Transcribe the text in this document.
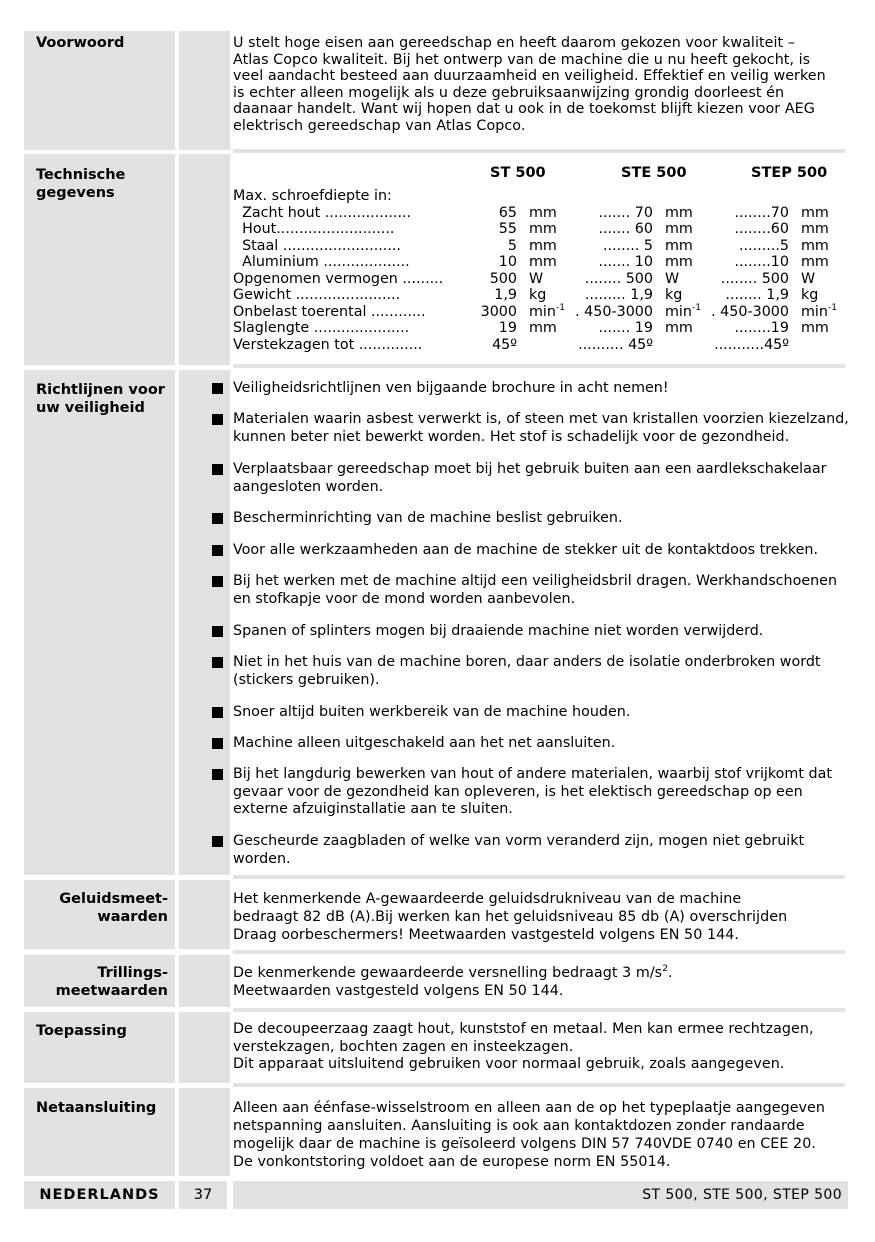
Voorwoord	U stelt hoge eisen aan gereedschap en heeft daarom gekozen voor kwaliteit –
Atlas Copco kwaliteit. Bij het ontwerp van de machine die u nu heeft gekocht, is
veel aandacht besteed aan duurzaamheid en veiligheid. Effektief en veilig werken
is echter alleen mogelijk als u deze gebruiksaanwijzing grondig doorleest én
daanaar handelt. Want wij hopen dat u ook in de toekomst blijft kiezen voor AEG
elektrisch gereedschap van Atlas Copco.
Technische
gegevens
ST 500	STE 500	STEP 500
Max. schroefdiepte in:
Zacht hout ...................	65 mm	....... 70 mm	........70 mm
Hout..........................	55 mm	....... 60 mm	........60 mm
Staal ..........................	5 mm	........ 5 mm	.........5 mm
Aluminium ...................	10 mm	....... 10 mm	........10 mm
Opgenomen vermogen .........	500 W	........ 500 W	........ 500 W
Gewicht .......................	1,9 kg	......... 1,9 kg	........ 1,9 kg
Onbelast toerental ............	3000 $\min^{-1}$ . 450-3000 $\min^{-1}$ . 450-3000 $\min^{-1}$
Slaglengte .....................	19 mm	....... 19 mm	........19 mm
Verstekzagen tot ..............	45º	.......... 45º	...........45º
Richtlijnen voor
uw veiligheid
Veiligheidsrichtlijnen ven bijgaande brochure in acht nemen!
Materialen waarin asbest verwerkt is, of steen met van kristallen voorzien kiezelzand,
kunnen beter niet bewerkt worden. Het stof is schadelijk voor de gezondheid.
Verplaatsbaar gereedschap moet bij het gebruik buiten aan een aardlekschakelaar
aangesloten worden.
Bescherminrichting van de machine beslist gebruiken.
Voor alle werkzaamheden aan de machine de stekker uit de kontaktdoos trekken.
Bij het werken met de machine altijd een veiligheidsbril dragen. Werkhandschoenen
en stofkapje voor de mond worden aanbevolen.
Spanen of splinters mogen bij draaiende machine niet worden verwijderd.
Niet in het huis van de machine boren, daar anders de isolatie onderbroken wordt
(stickers gebruiken).
Snoer altijd buiten werkbereik van de machine houden.
Machine alleen uitgeschakeld aan het net aansluiten.
Bij het langdurig bewerken van hout of andere materialen, waarbij stof vrijkomt dat
gevaar voor de gezondheid kan opleveren, is het elektisch gereedschap op een
externe afzuiginstallatie aan te sluiten.
Gescheurde zaagbladen of welke van vorm veranderd zijn, mogen niet gebruikt
worden.
Geluidsmeet-
waarden
Het kenmerkende A-gewaardeerde geluidsdrukniveau van de machine
bedraagt 82 dB (A).Bij werken kan het geluidsniveau 85 db (A) overschrijden
Draag oorbeschermers! Meetwaarden vastgesteld volgens EN 50 144.
Trillings-
meetwaarden
De kenmerkende gewaardeerde versnelling bedraagt 3 $m/s^2$.
Meetwaarden vastgesteld volgens EN 50 144.
Toepassing	De decoupeerzaag zaagt hout, kunststof en metaal. Men kan ermee rechtzagen,
verstekzagen, bochten zagen en insteekzagen.
Dit apparaat uitsluitend gebruiken voor normaal gebruik, zoals aangegeven.
Netaansluiting	Alleen aan éénfase-wisselstroom en alleen aan de op het typeplaatje aangegeven
netspanning aansluiten. Aansluiting is ook aan kontaktdozen zonder randaarde
mogelijk daar de machine is geïsoleerd volgens DIN 57 740VDE 0740 en CEE 20.
De vonkontstoring voldoet aan de europese norm EN 55014.
NEDERLANDS	37	ST 500, STE 500, STEP 500
